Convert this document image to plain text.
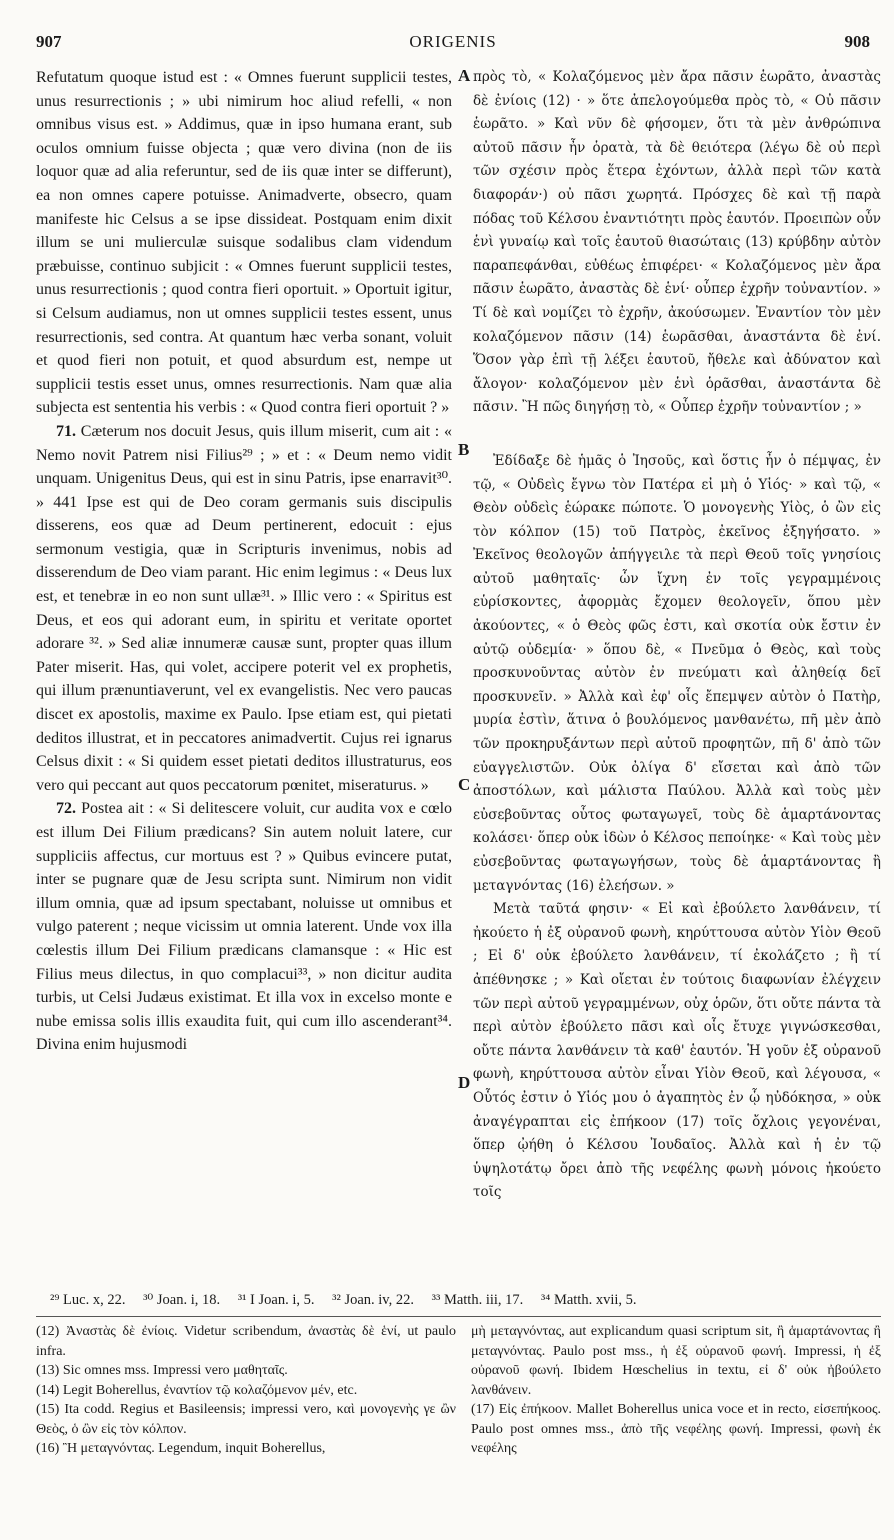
907	ORIGENIS	908

Refutatum quoque istud est : « Omnes fuerunt supplicii testes, unus resurrectionis ; » ubi nimirum hoc aliud refelli, « non omnibus visus est. » Addimus, quæ in ipso humana erant, sub oculos omnium fuisse objecta ; quæ vero divina (non de iis loquor quæ ad alia referuntur, sed de iis quæ inter se differunt), ea non omnes capere potuisse. Animadverte, obsecro, quam manifeste hic Celsus a se ipse dissideat. Postquam enim dixit illum se uni mulierculæ suisque sodalibus clam videndum præbuisse, continuo subjicit : « Omnes fuerunt supplicii testes, unus resurrectionis ; quod contra fieri oportuit. » Oportuit igitur, si Celsum audiamus, non ut omnes supplicii testes essent, unus resurrectionis, sed contra. At quantum hæc verba sonant, voluit et quod fieri non potuit, et quod absurdum est, nempe ut supplicii testis esset unus, omnes resurrectionis. Nam quæ alia subjecta est sententia his verbis : « Quod contra fieri oportuit ? »

71. Cæterum nos docuit Jesus, quis illum miserit, cum ait : « Nemo novit Patrem nisi Filius²⁹ ; » et : « Deum nemo vidit unquam. Unigenitus Deus, qui est in sinu Patris, ipse enarravit³⁰. » 441 Ipse est qui de Deo coram germanis suis discipulis disserens, eos quæ ad Deum pertinerent, edocuit : ejus sermonum vestigia, quæ in Scripturis invenimus, nobis ad disserendum de Deo viam parant. Hic enim legimus : « Deus lux est, et tenebræ in eo non sunt ullæ³¹. » Illic vero : « Spiritus est Deus, et eos qui adorant eum, in spiritu et veritate oportet adorare ³². » Sed aliæ innumeræ causæ sunt, propter quas illum Pater miserit. Has, qui volet, accipere poterit vel ex prophetis, qui illum prænuntiaverunt, vel ex evangelistis. Nec vero paucas discet ex apostolis, maxime ex Paulo. Ipse etiam est, qui pietati deditos illustrat, et in peccatores animadvertit. Cujus rei ignarus Celsus dixit : « Si quidem esset pietati deditos illustraturus, eos vero qui peccant aut quos peccatorum pœnitet, miseraturus. »

72. Postea ait : « Si delitescere voluit, cur audita vox e cœlo est illum Dei Filium prædicans? Sin autem noluit latere, cur suppliciis affectus, cur mortuus est ? » Quibus evincere putat, inter se pugnare quæ de Jesu scripta sunt. Nimirum non vidit illum omnia, quæ ad ipsum spectabant, noluisse ut omnibus et vulgo paterent ; neque vicissim ut omnia laterent. Unde vox illa cœlestis illum Dei Filium prædicans clamansque : « Hic est Filius meus dilectus, in quo complacui³³, » non dicitur audita turbis, ut Celsi Judæus existimat. Et illa vox in excelso monte e nube emissa solis illis exaudita fuit, qui cum illo ascenderant³⁴. Divina enim hujusmodi

A
B
C
D

πρὸς τὸ, « Κολαζόμενος μὲν ἄρα πᾶσιν ἑωρᾶτο, ἀναστὰς δὲ ἐνίοις (12) · » ὅτε ἀπελογούμεθα πρὸς τὸ, « Οὐ πᾶσιν ἑωρᾶτο. » Καὶ νῦν δὲ φήσομεν, ὅτι τὰ μὲν ἀνθρώπινα αὐτοῦ πᾶσιν ἦν ὁρατὰ, τὰ δὲ θειότερα (λέγω δὲ οὐ περὶ τῶν σχέσιν πρὸς ἕτερα ἐχόντων, ἀλλὰ περὶ τῶν κατὰ διαφοράν·) οὐ πᾶσι χωρητά. Πρόσχες δὲ καὶ τῇ παρὰ πόδας τοῦ Κέλσου ἐναντιότητι πρὸς ἑαυτόν. Προειπὼν οὖν ἑνὶ γυναίῳ καὶ τοῖς ἑαυτοῦ θιασώταις (13) κρύβδην αὐτὸν παραπεφάνθαι, εὐθέως ἐπιφέρει· « Κολαζόμενος μὲν ἄρα πᾶσιν ἑωρᾶτο, ἀναστὰς δὲ ἑνί· οὗπερ ἐχρῆν τοὐναντίον. » Τί δὲ καὶ νομίζει τὸ ἐχρῆν, ἀκούσωμεν. Ἐναντίον τὸν μὲν κολαζόμενον πᾶσιν (14) ἑωρᾶσθαι, ἀναστάντα δὲ ἑνί. Ὅσον γὰρ ἐπὶ τῇ λέξει ἑαυτοῦ, ἤθελε καὶ ἀδύνατον καὶ ἄλογον· κολαζόμενον μὲν ἑνὶ ὁρᾶσθαι, ἀναστάντα δὲ πᾶσιν. Ἢ πῶς διηγήσῃ τὸ, « Οὗπερ ἐχρῆν τοὐναντίον ; »

Ἐδίδαξε δὲ ἡμᾶς ὁ Ἰησοῦς, καὶ ὅστις ἦν ὁ πέμψας, ἐν τῷ, « Οὐδεὶς ἔγνω τὸν Πατέρα εἰ μὴ ὁ Υἱός· » καὶ τῷ, « Θεὸν οὐδεὶς ἑώρακε πώποτε. Ὁ μονογενὴς Υἱὸς, ὁ ὢν εἰς τὸν κόλπον (15) τοῦ Πατρὸς, ἐκεῖνος ἐξηγήσατο. » Ἐκεῖνος θεολογῶν ἀπήγγειλε τὰ περὶ Θεοῦ τοῖς γνησίοις αὐτοῦ μαθηταῖς· ὧν ἴχνη ἐν τοῖς γεγραμμένοις εὑρίσκοντες, ἀφορμὰς ἔχομεν θεολογεῖν, ὅπου μὲν ἀκούοντες, « ὁ Θεὸς φῶς ἐστι, καὶ σκοτία οὐκ ἔστιν ἐν αὐτῷ οὐδεμία· » ὅπου δὲ, « Πνεῦμα ὁ Θεὸς, καὶ τοὺς προσκυνοῦντας αὐτὸν ἐν πνεύματι καὶ ἀληθείᾳ δεῖ προσκυνεῖν. » Ἀλλὰ καὶ ἐφ' οἷς ἔπεμψεν αὐτὸν ὁ Πατὴρ, μυρία ἐστὶν, ἅτινα ὁ βουλόμενος μανθανέτω, πῆ μὲν ἀπὸ τῶν προκηρυξάντων περὶ αὐτοῦ προφητῶν, πῆ δ' ἀπὸ τῶν εὐαγγελιστῶν. Οὐκ ὀλίγα δ' εἴσεται καὶ ἀπὸ τῶν ἀποστόλων, καὶ μάλιστα Παύλου. Ἀλλὰ καὶ τοὺς μὲν εὐσεβοῦντας οὗτος φωταγωγεῖ, τοὺς δὲ ἁμαρτάνοντας κολάσει· ὅπερ οὐκ ἰδὼν ὁ Κέλσος πεποίηκε· « Καὶ τοὺς μὲν εὐσεβοῦντας φωταγωγήσων, τοὺς δὲ ἁμαρτάνοντας ἢ μεταγνόντας (16) ἐλεήσων. »

Μετὰ ταῦτά φησιν· « Εἰ καὶ ἐβούλετο λανθάνειν, τί ἠκούετο ἡ ἐξ οὐρανοῦ φωνὴ, κηρύττουσα αὐτὸν Υἱὸν Θεοῦ ; Εἰ δ' οὐκ ἐβούλετο λανθάνειν, τί ἐκολάζετο ; ἢ τί ἀπέθνησκε ; » Καὶ οἴεται ἐν τούτοις διαφωνίαν ἐλέγχειν τῶν περὶ αὐτοῦ γεγραμμένων, οὐχ ὁρῶν, ὅτι οὔτε πάντα τὰ περὶ αὐτὸν ἐβούλετο πᾶσι καὶ οἷς ἔτυχε γιγνώσκεσθαι, οὔτε πάντα λανθάνειν τὰ καθ' ἑαυτόν. Ἡ γοῦν ἐξ οὐρανοῦ φωνὴ, κηρύττουσα αὐτὸν εἶναι Υἱὸν Θεοῦ, καὶ λέγουσα, « Οὗτός ἐστιν ὁ Υἱός μου ὁ ἀγαπητὸς ἐν ᾧ ηὐδόκησα, » οὐκ ἀναγέγραπται εἰς ἐπήκοον (17) τοῖς ὄχλοις γεγονέναι, ὅπερ ᾠήθη ὁ Κέλσου Ἰουδαῖος. Ἀλλὰ καὶ ἡ ἐν τῷ ὑψηλοτάτῳ ὄρει ἀπὸ τῆς νεφέλης φωνὴ μόνοις ἠκούετο τοῖς

²⁹ Luc. x, 22. ³⁰ Joan. i, 18. ³¹ I Joan. i, 5. ³² Joan. iv, 22. ³³ Matth. iii, 17. ³⁴ Matth. xvii, 5.

(12) Ἀναστὰς δὲ ἐνίοις. Videtur scribendum, ἀναστὰς δὲ ἑνί, ut paulo infra.

(13) Sic omnes mss. Impressi vero μαθηταῖς.

(14) Legit Boherellus, ἐναντίον τῷ κολαζόμενον μέν, etc.

(15) Ita codd. Regius et Basileensis; impressi vero, καὶ μονογενὴς γε ὢν Θεὸς, ὁ ὢν εἰς τὸν κόλπον.

(16) Ἢ μεταγνόντας. Legendum, inquit Boherellus,

μὴ μεταγνόντας, aut explicandum quasi scriptum sit, ἢ ἁμαρτάνοντας ἢ μεταγνόντας. Paulo post mss., ἡ ἐξ οὐρανοῦ φωνή. Impressi, ἡ ἐξ οὐρανοῦ φωνή. Ibidem Hœschelius in textu, εἰ δ' οὐκ ἠβούλετο λανθάνειν.

(17) Εἰς ἐπήκοον. Mallet Boherellus unica voce et in recto, εἰσεπήκοος. Paulo post omnes mss., ἀπὸ τῆς νεφέλης φωνή. Impressi, φωνὴ ἐκ νεφέλης
